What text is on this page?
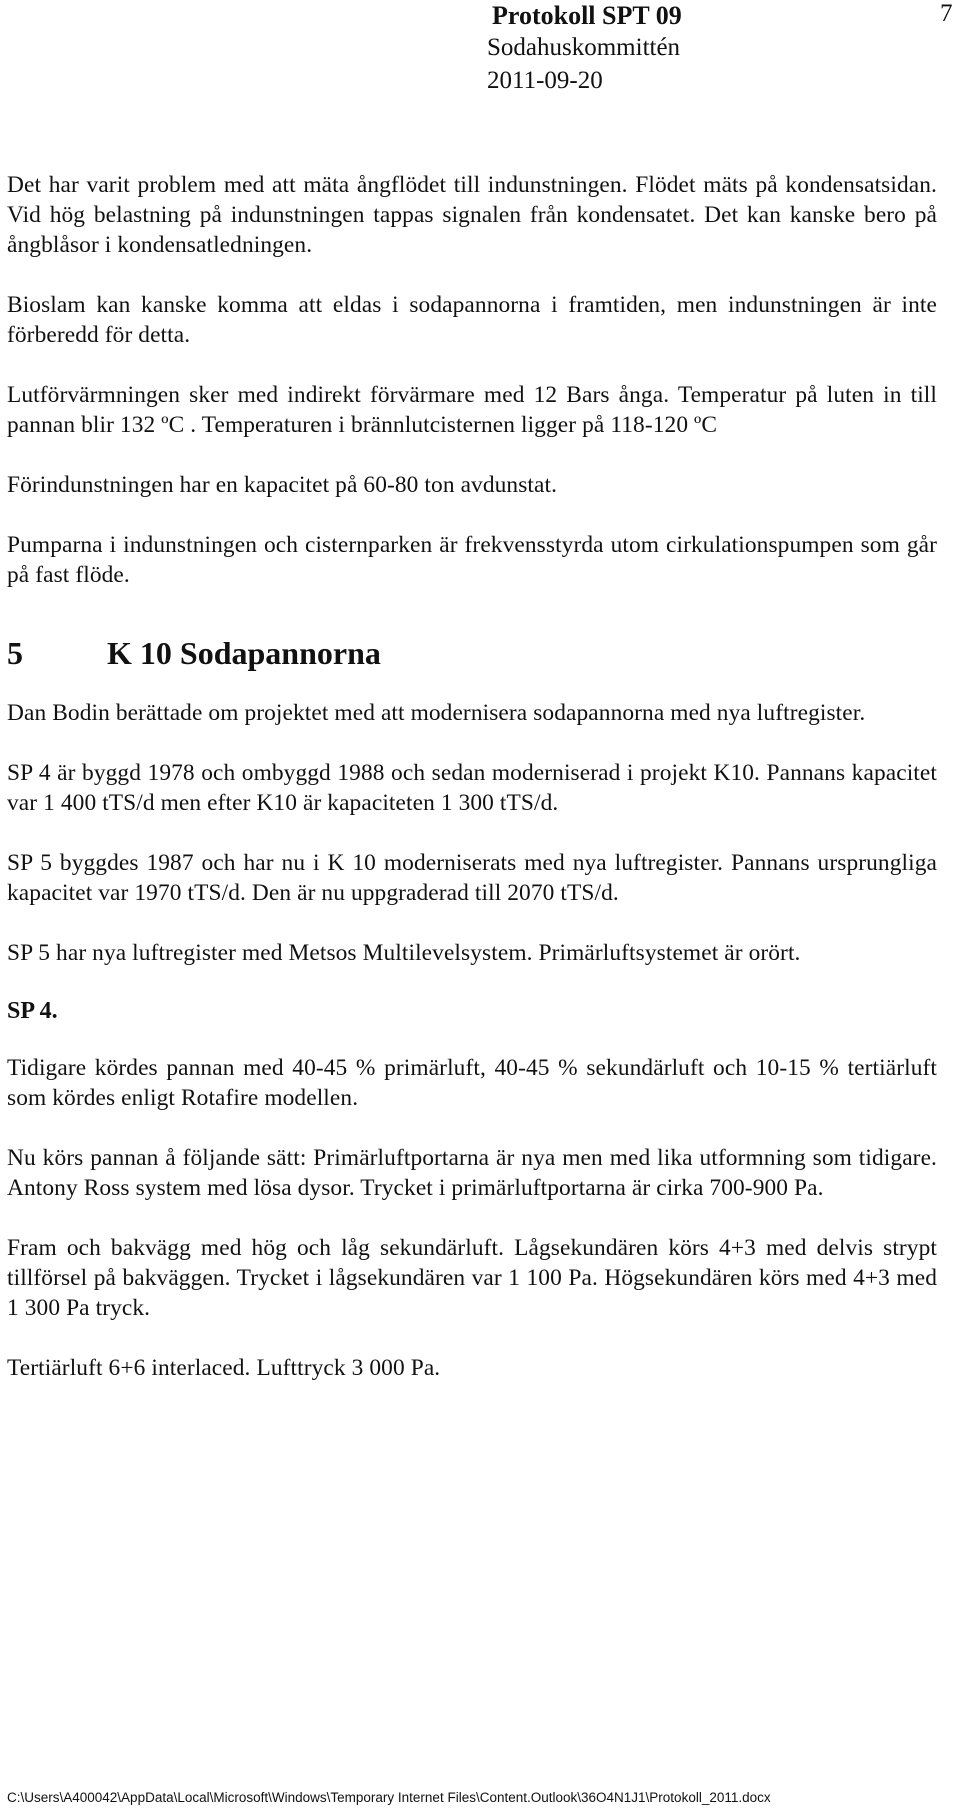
Protokoll SPT 09
Sodahuskommittén
2011-09-20
7

Det har varit problem med att mäta ångflödet till indunstningen. Flödet mäts på kondensatsidan. Vid hög belastning på indunstningen tappas signalen från kondensatet. Det kan kanske bero på ångblåsor i kondensatledningen.

Bioslam kan kanske komma att eldas i sodapannorna i framtiden, men indunstningen är inte förberedd för detta.

Lutförvärmningen sker med indirekt förvärmare med 12 Bars ånga. Temperatur på luten in till pannan blir 132 ºC . Temperaturen i brännlutcisternen ligger på 118-120 ºC

Förindunstningen har en kapacitet på 60-80 ton avdunstat.

Pumparna i indunstningen och cisternparken är frekvensstyrda utom cirkulationspumpen som går på fast flöde.

5	K 10 Sodapannorna

Dan Bodin berättade om projektet med att modernisera sodapannorna med nya luftregister.

SP 4 är byggd 1978 och ombyggd 1988 och sedan moderniserad i projekt K10. Pannans kapacitet var 1 400 tTS/d men efter K10 är kapaciteten 1 300 tTS/d.

SP 5 byggdes 1987 och har nu i K 10 moderniserats med nya luftregister. Pannans ursprungliga kapacitet var 1970 tTS/d. Den är nu uppgraderad till 2070 tTS/d.

SP 5 har nya luftregister med Metsos Multilevelsystem. Primärluftsystemet är orört.

SP 4.

Tidigare kördes pannan med 40-45 % primärluft, 40-45 % sekundärluft och 10-15 % tertiärluft som kördes enligt Rotafire modellen.

Nu körs pannan å följande sätt: Primärluftportarna är nya men med lika utformning som tidigare. Antony Ross system med lösa dysor. Trycket i primärluftportarna är cirka 700-900 Pa.

Fram och bakvägg med hög och låg sekundärluft. Lågsekundären körs 4+3 med delvis strypt tillförsel på bakväggen. Trycket i lågsekundären var 1 100 Pa. Högsekundären körs med 4+3 med 1 300 Pa tryck.

Tertiärluft 6+6 interlaced. Lufttryck 3 000 Pa.

C:\Users\A400042\AppData\Local\Microsoft\Windows\Temporary Internet Files\Content.Outlook\36O4N1J1\Protokoll_2011.docx
